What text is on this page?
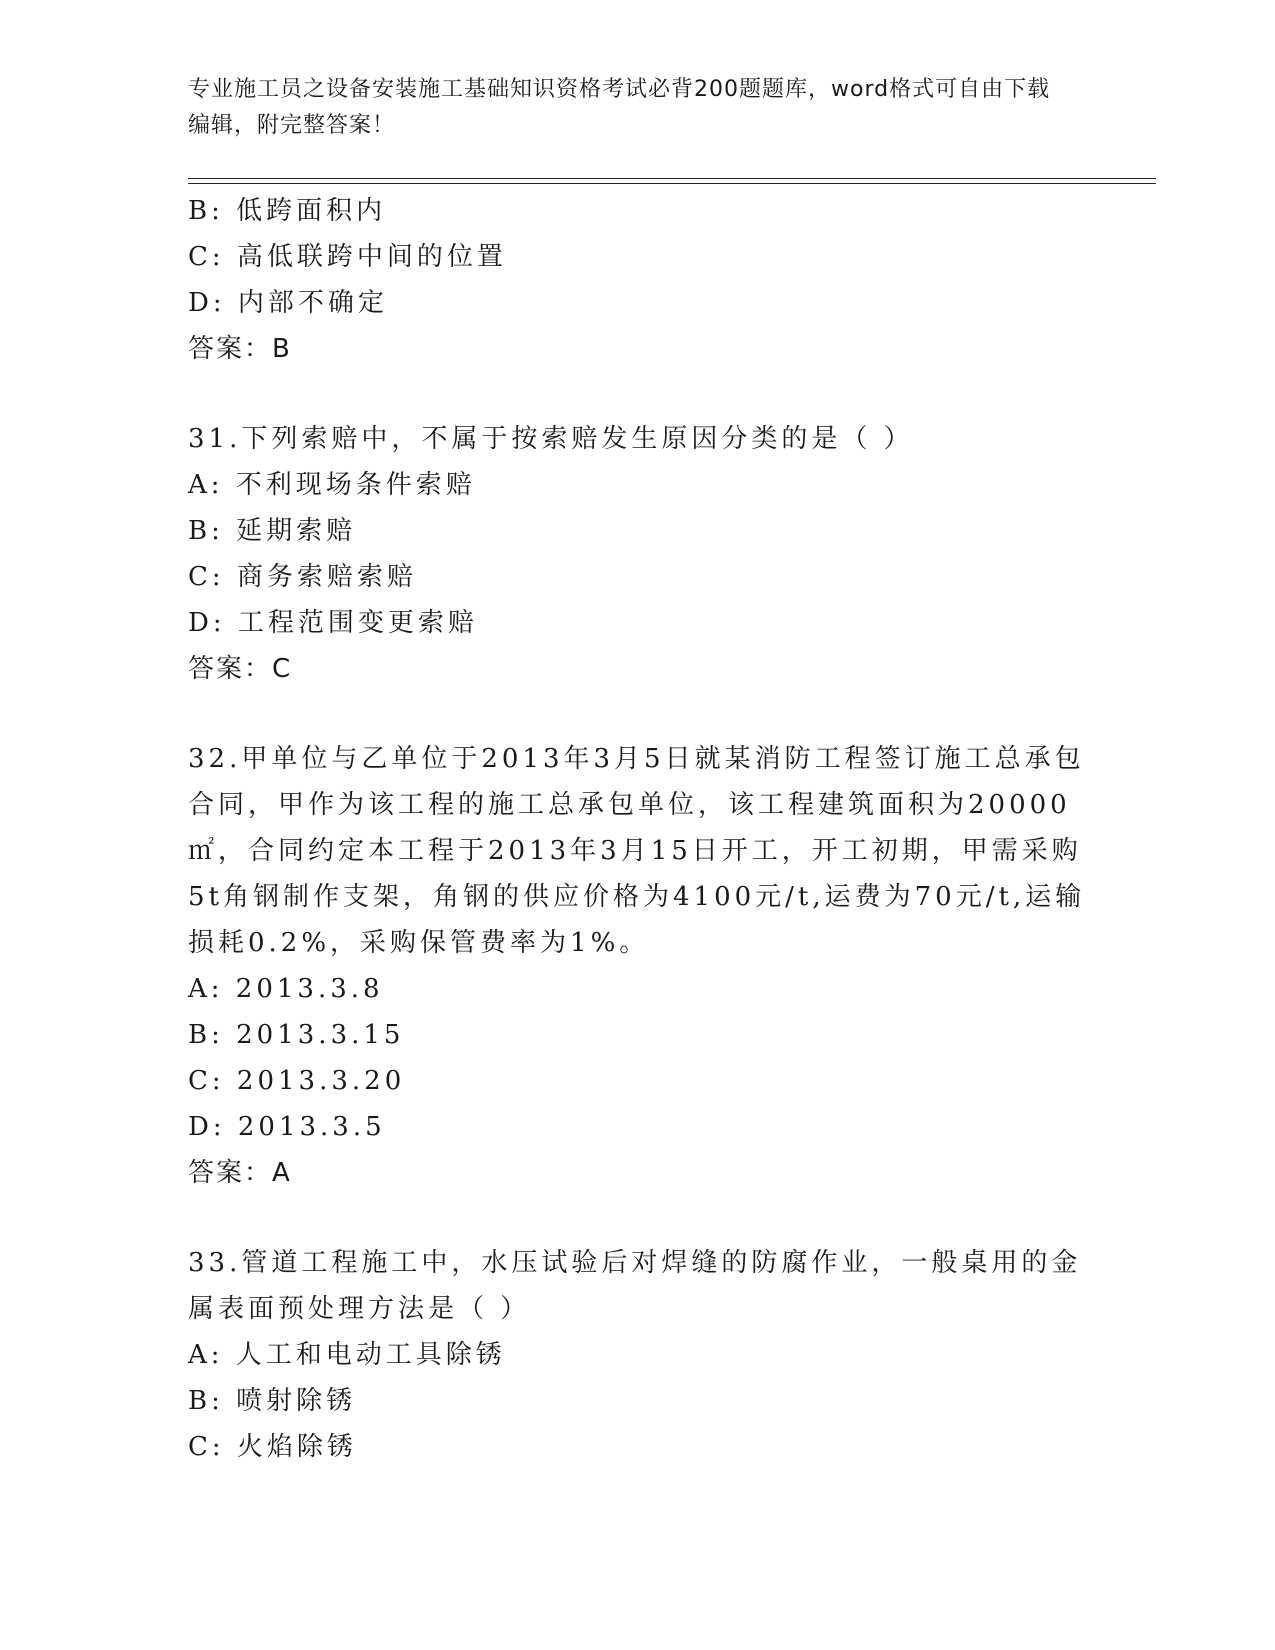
专业施工员之设备安装施工基础知识资格考试必背200题题库，word格式可自由下载编辑，附完整答案！
B: 低跨面积内
C: 高低联跨中间的位置
D: 内部不确定
答案：B
31.下列索赔中，不属于按索赔发生原因分类的是（ ）
A: 不利现场条件索赔
B: 延期索赔
C: 商务索赔索赔
D: 工程范围变更索赔
答案：C
32.甲单位与乙单位于2013年3月5日就某消防工程签订施工总承包合同，甲作为该工程的施工总承包单位，该工程建筑面积为20000㎡，合同约定本工程于2013年3月15日开工，开工初期，甲需采购5t角钢制作支架，角钢的供应价格为4100元/t,运费为70元/t,运输损耗0.2%，采购保管费率为1%。
A: 2013.3.8
B: 2013.3.15
C: 2013.3.20
D: 2013.3.5
答案：A
33.管道工程施工中，水压试验后对焊缝的防腐作业，一般桌用的金属表面预处理方法是（ ）
A: 人工和电动工具除锈
B: 喷射除锈
C: 火焰除锈
